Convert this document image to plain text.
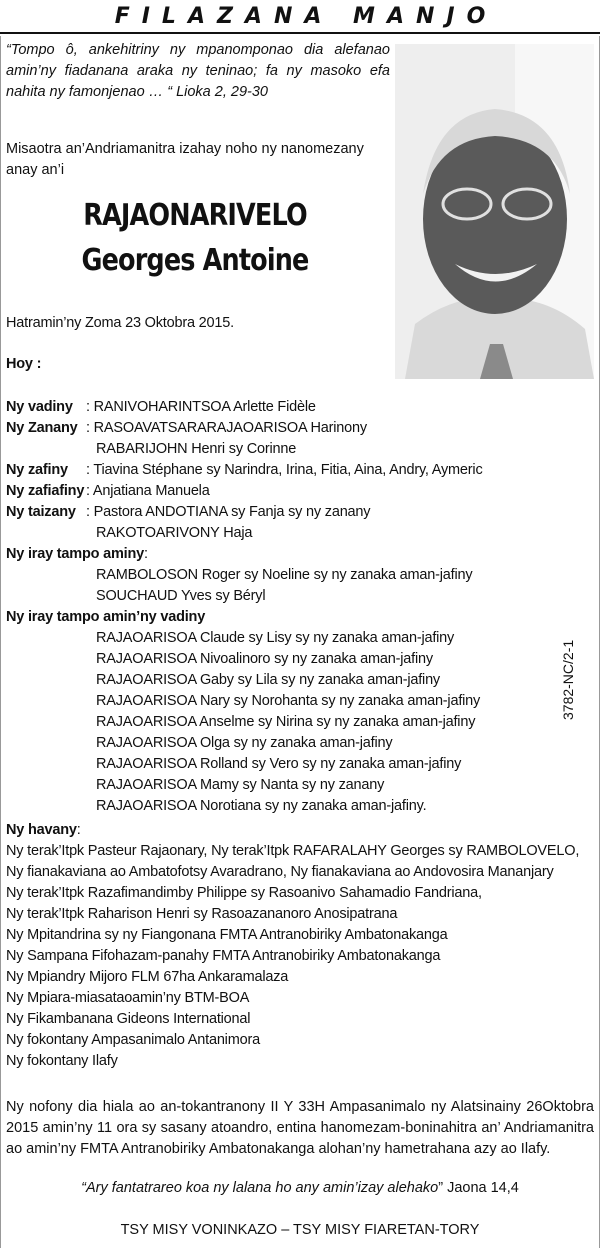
FILAZANA MANJO
“Tompo ô, ankehitriny ny mpanomponao dia alefanao amin’ny fiadanana araka ny teninao; fa ny masoko efa nahita ny famonjenao … “ Lioka 2, 29-30
Misaotra an’Andriamanitra izahay noho ny nanomezany anay an’i
RAJAONARIVELO
Georges Antoine
Hatramin’ny Zoma 23 Oktobra 2015.
Hoy :
Ny vadiny : RANIVOHARINTSOA Arlette Fidèle
Ny Zanany : RASOAVATSARARAJAOARISOA Harinony
RABARIJOHN Henri sy Corinne
Ny zafiny : Tiavina Stéphane sy Narindra, Irina, Fitia, Aina, Andry, Aymeric
Ny zafiafiny : Anjatiana Manuela
Ny taizany : Pastora ANDOTIANA sy Fanja sy ny zanany
RAKOTOARIVONY Haja
Ny iray tampo aminy:
RAMBOLOSON Roger sy Noeline sy ny zanaka aman-jafiny
SOUCHAUD Yves sy Béryl
Ny iray tampo amin’ny vadiny
RAJAOARISOA Claude sy Lisy sy ny zanaka aman-jafiny
RAJAOARISOA Nivoalinoro sy ny zanaka aman-jafiny
RAJAOARISOA Gaby sy Lila sy ny zanaka aman-jafiny
RAJAOARISOA Nary sy Norohanta sy ny zanaka aman-jafiny
RAJAOARISOA Anselme sy Nirina sy ny zanaka aman-jafiny
RAJAOARISOA Olga sy ny zanaka aman-jafiny
RAJAOARISOA Rolland sy Vero sy ny zanaka aman-jafiny
RAJAOARISOA Mamy sy Nanta sy ny zanany
RAJAOARISOA Norotiana sy ny zanaka aman-jafiny.
Ny havany:
Ny terak’Itpk Pasteur Rajaonary, Ny terak’Itpk RAFARALAHY Georges sy RAMBOLOVELO,
Ny fianakaviana ao Ambatofotsy Avaradrano, Ny fianakaviana ao Andovosira Mananjary
Ny terak’Itpk Razafimandimby Philippe sy Rasoanivo Sahamadio Fandriana,
Ny terak’Itpk Raharison Henri sy Rasoazananoro Anosipatrana
Ny Mpitandrina sy ny Fiangonana FMTA Antranobiriky Ambatonakanga
Ny Sampana Fifohazam-panahy FMTA Antranobiriky Ambatonakanga
Ny Mpiandry Mijoro FLM 67ha Ankaramalaza
Ny Mpiara-miasataoamin’ny BTM-BOA
Ny Fikambanana Gideons International
Ny fokontany Ampasanimalo Antanimora
Ny fokontany Ilafy
3782-NC/2-1
Ny nofony dia hiala ao an-tokantranony II Y 33H Ampasanimalo ny Alatsinainy 26Oktobra 2015 amin’ny 11 ora sy sasany atoandro, entina hanomezam-boninahitra an’ Andriamanitra ao amin’ny FMTA Antranobiriky Ambatonakanga alohan’ny hametrahana azy ao Ilafy.
“Ary fantatrareo koa ny lalana ho any amin’izay alehako” Jaona 14,4
TSY MISY VONINKAZO – TSY MISY FIARETAN-TORY
